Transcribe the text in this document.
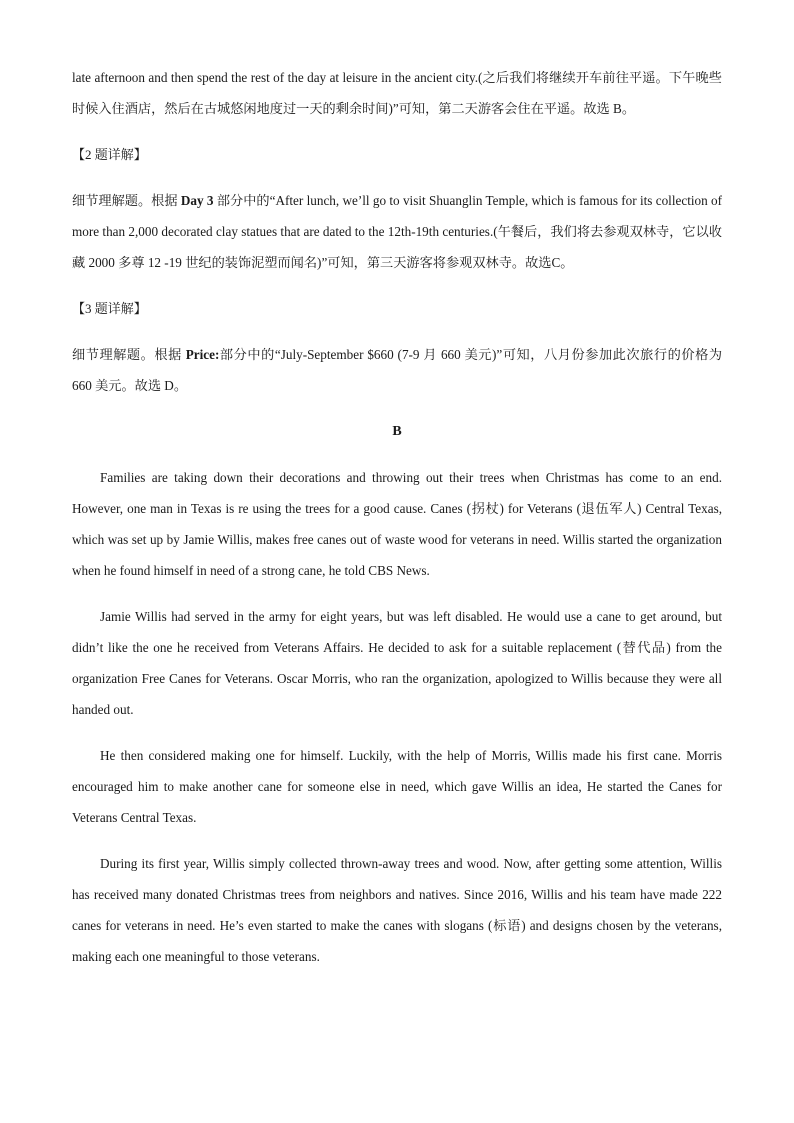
late afternoon and then spend the rest of the day at leisure in the ancient city.(之后我们将继续开车前往平遥。下午晚些时候入住酒店，然后在古城悠闲地度过一天的剩余时间)”可知，第二天游客会住在平遥。故选 B。

【2 题详解】

细节理解题。根据 Day 3 部分中的“After lunch, we’ll go to visit Shuanglin Temple, which is famous for its collection of more than 2,000 decorated clay statues that are dated to the 12th-19th centuries.(午餐后，我们将去参观双林寺，它以收藏 2000 多尊 12 -19 世纪的装饰泥塑而闻名)”可知，第三天游客将参观双林寺。故选C。

【3 题详解】

细节理解题。根据 Price:部分中的“July-September $660 (7-9 月 660 美元)”可知，八月份参加此次旅行的价格为 660 美元。故选 D。

B

Families are taking down their decorations and throwing out their trees when Christmas has come to an end. However, one man in Texas is re using the trees for a good cause. Canes (拐杖) for Veterans (退伍军人) Central Texas, which was set up by Jamie Willis, makes free canes out of waste wood for veterans in need. Willis started the organization when he found himself in need of a strong cane, he told CBS News.

Jamie Willis had served in the army for eight years, but was left disabled. He would use a cane to get around, but didn’t like the one he received from Veterans Affairs. He decided to ask for a suitable replacement (替代品) from the organization Free Canes for Veterans. Oscar Morris, who ran the organization, apologized to Willis because they were all handed out.

He then considered making one for himself. Luckily, with the help of Morris, Willis made his first cane. Morris encouraged him to make another cane for someone else in need, which gave Willis an idea, He started the Canes for Veterans Central Texas.

During its first year, Willis simply collected thrown-away trees and wood. Now, after getting some attention, Willis has received many donated Christmas trees from neighbors and natives. Since 2016, Willis and his team have made 222 canes for veterans in need. He’s even started to make the canes with slogans (标语) and designs chosen by the veterans, making each one meaningful to those veterans.
